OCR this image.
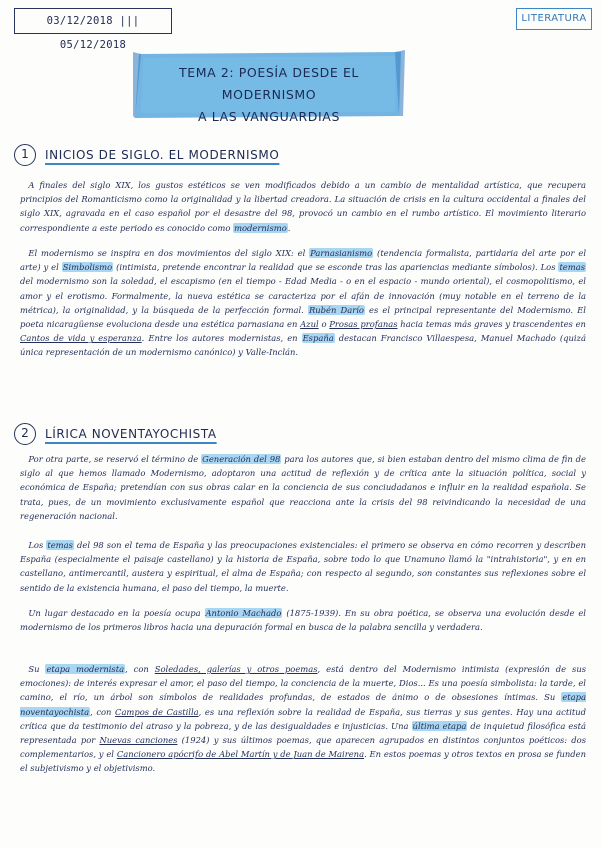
03/12/2018 ||| 05/12/2018
LITERATURA
TEMA 2: POESÍA DESDE EL MODERNISMO
A LAS VANGUARDIAS
1	INICIOS DE SIGLO. EL MODERNISMO
 A finales del siglo XIX, los gustos estéticos se ven modificados debido a un cambio de mentalidad artística, que recupera principios del Romanticismo como la originalidad y la libertad creadora. La situación de crisis en la cultura occidental a finales del siglo XIX, agravada en el caso español por el desastre del 98, provocó un cambio en el rumbo artístico. El movimiento literario correspondiente a este periodo es conocido como modernismo.
 El modernismo se inspira en dos movimientos del siglo XIX: el Parnasianismo (tendencia formalista, partidaria del arte por el arte) y el Simbolismo (intimista, pretende encontrar la realidad que se esconde tras las apariencias mediante símbolos). Los temas del modernismo son la soledad, el escapismo (en el tiempo - Edad Media - o en el espacio - mundo oriental), el cosmopolitismo, el amor y el erotismo. Formalmente, la nueva estética se caracteriza por el afán de innovación (muy notable en el terreno de la métrica), la originalidad, y la búsqueda de la perfección formal. Rubén Darío es el principal representante del Modernismo. El poeta nicaragüense evoluciona desde una estética parnasiana en Azul o Prosas profanas hacia temas más graves y trascendentes en Cantos de vida y esperanza. Entre los autores modernistas, en España destacan Francisco Villaespesa, Manuel Machado (quizá única representación de un modernismo canónico) y Valle-Inclán.
2	LÍRICA NOVENTAYOCHISTA
 Por otra parte, se reservó el término de Generación del 98 para los autores que, si bien estaban dentro del mismo clima de fin de siglo al que hemos llamado Modernismo, adoptaron una actitud de reflexión y de crítica ante la situación política, social y económica de España; pretendían con sus obras calar en la conciencia de sus conciudadanos e influir en la realidad española. Se trata, pues, de un movimiento exclusivamente español que reacciona ante la crisis del 98 reivindicando la necesidad de una regeneración nacional.
 Los temas del 98 son el tema de España y las preocupaciones existenciales: el primero se observa en cómo recorren y describen España (especialmente el paisaje castellano) y la historia de España, sobre todo lo que Unamuno llamó la "intrahistoria", y en en castellano, antimercantil, austera y espiritual, el alma de España; con respecto al segundo, son constantes sus reflexiones sobre el sentido de la existencia humana, el paso del tiempo, la muerte.
 Un lugar destacado en la poesía ocupa Antonio Machado (1875-1939). En su obra poética, se observa una evolución desde el modernismo de los primeros libros hacia una depuración formal en busca de la palabra sencilla y verdadera.
 Su etapa modernista, con Soledades, galerías y otros poemas, está dentro del Modernismo intimista (expresión de sus emociones): de interés expresar el amor, el paso del tiempo, la conciencia de la muerte, Dios... Es una poesía simbolista: la tarde, el camino, el río, un árbol son símbolos de realidades profundas, de estados de ánimo o de obsesiones íntimas. Su etapa noventayochista, con Campos de Castilla, es una reflexión sobre la realidad de España, sus tierras y sus gentes. Hay una actitud crítica que da testimonio del atraso y la pobreza, y de las desigualdades e injusticias. Una última etapa de inquietud filosófica está representada por Nuevas canciones (1924) y sus últimos poemas, que aparecen agrupados en distintos conjuntos poéticos: dos complementarios, y el Cancionero apócrifo de Abel Martín y de Juan de Mairena. En estos poemas y otros textos en prosa se funden el subjetivismo y el objetivismo.
